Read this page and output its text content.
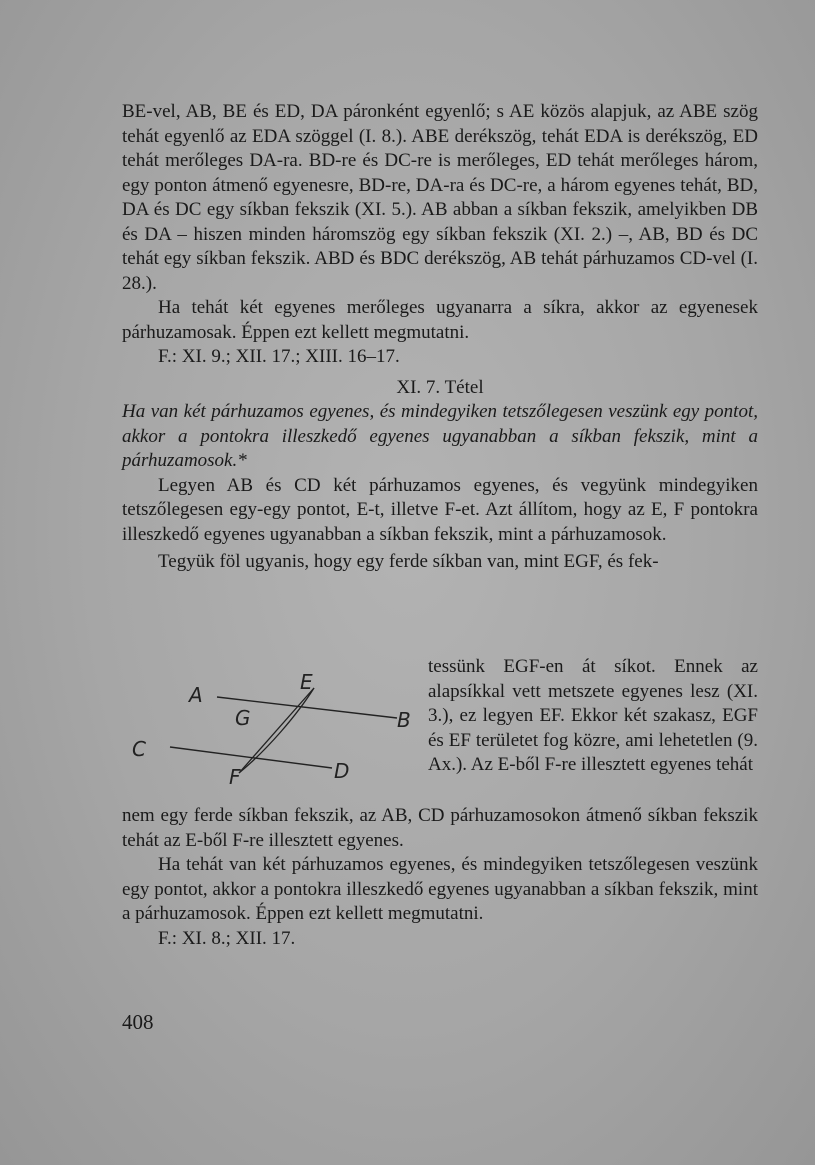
BE-vel, AB, BE és ED, DA páronként egyenlő; s AE közös alapjuk, az ABE szög tehát egyenlő az EDA szöggel (I. 8.). ABE derékszög, tehát EDA is derékszög, ED tehát merőleges DA-ra. BD-re és DC-re is merőleges, ED tehát merőleges három, egy ponton átmenő egyenesre, BD-re, DA-ra és DC-re, a három egyenes tehát, BD, DA és DC egy síkban fekszik (XI. 5.). AB abban a síkban fekszik, amelyikben DB és DA – hiszen minden háromszög egy síkban fekszik (XI. 2.) –, AB, BD és DC tehát egy síkban fekszik. ABD és BDC derékszög, AB tehát párhuzamos CD-vel (I. 28.).

Ha tehát két egyenes merőleges ugyanarra a síkra, akkor az egyenesek párhuzamosak. Éppen ezt kellett megmutatni.

F.: XI. 9.; XII. 17.; XIII. 16–17.

XI. 7. Tétel

Ha van két párhuzamos egyenes, és mindegyiken tetszőlegesen veszünk egy pontot, akkor a pontokra illeszkedő egyenes ugyanabban a síkban fekszik, mint a párhuzamosok.*

Legyen AB és CD két párhuzamos egyenes, és vegyünk mindegyiken tetszőlegesen egy-egy pontot, E-t, illetve F-et. Azt állítom, hogy az E, F pontokra illeszkedő egyenes ugyanabban a síkban fekszik, mint a párhuzamosok.

Tegyük föl ugyanis, hogy egy ferde síkban van, mint EGF, és fek-

A
E
G	B
C
F	D
tessünk EGF-en át síkot. Ennek az alapsíkkal vett metszete egyenes lesz (XI. 3.), ez legyen EF. Ekkor két szakasz, EGF és EF területet fog közre, ami lehetetlen (9. Ax.). Az E-ből F-re illesztett egyenes tehát

nem egy ferde síkban fekszik, az AB, CD párhuzamosokon átmenő síkban fekszik tehát az E-ből F-re illesztett egyenes.

Ha tehát van két párhuzamos egyenes, és mindegyiken tetszőlegesen veszünk egy pontot, akkor a pontokra illeszkedő egyenes ugyanabban a síkban fekszik, mint a párhuzamosok. Éppen ezt kellett megmutatni.

F.: XI. 8.; XII. 17.

408
